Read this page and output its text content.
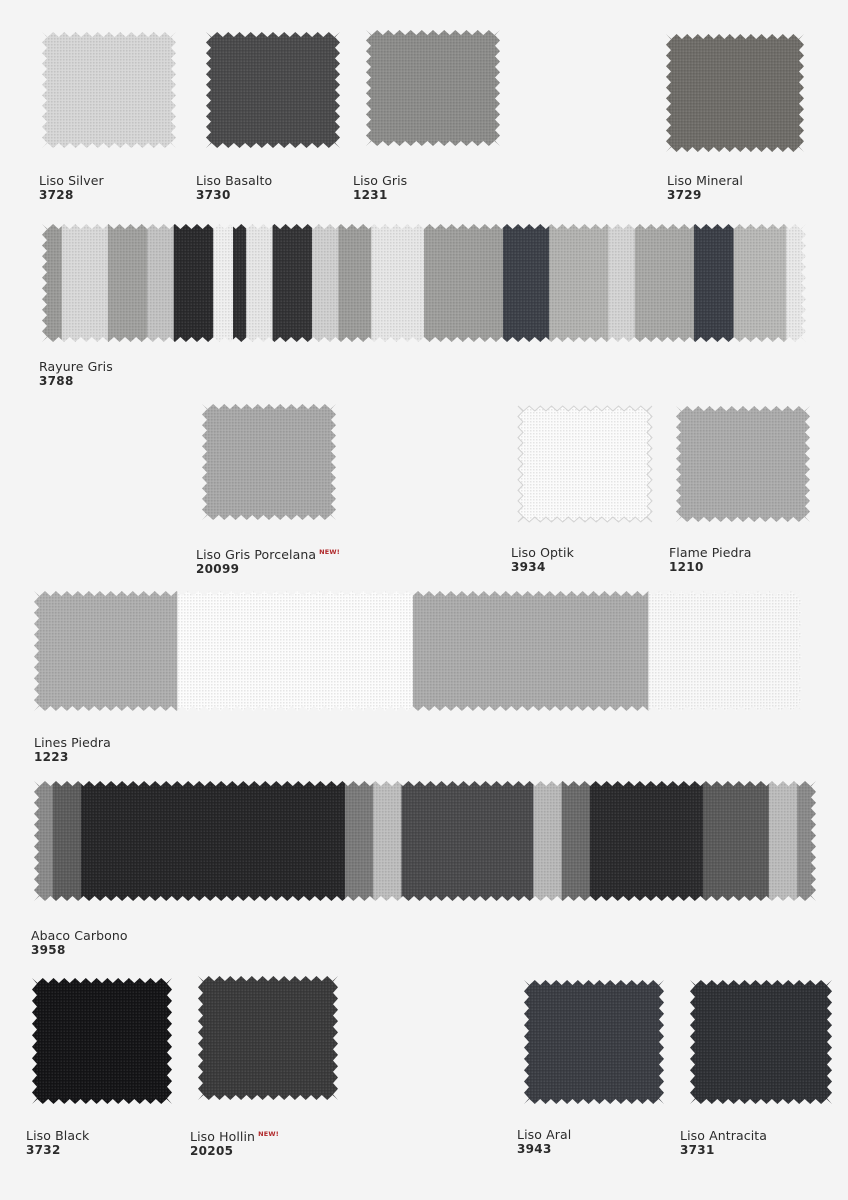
Liso Silver
3728
Liso Basalto
3730
Liso Gris
1231
Liso Mineral
3729
Rayure Gris
3788
Liso Gris Porcelana $^{NEW!}$
20099
Liso Optik
3934
Flame Piedra
1210
Lines Piedra
1223
Abaco Carbono
3958
Liso Black
3732
Liso Hollin $^{NEW!}$
20205
Liso Aral
3943
Liso Antracita
3731
